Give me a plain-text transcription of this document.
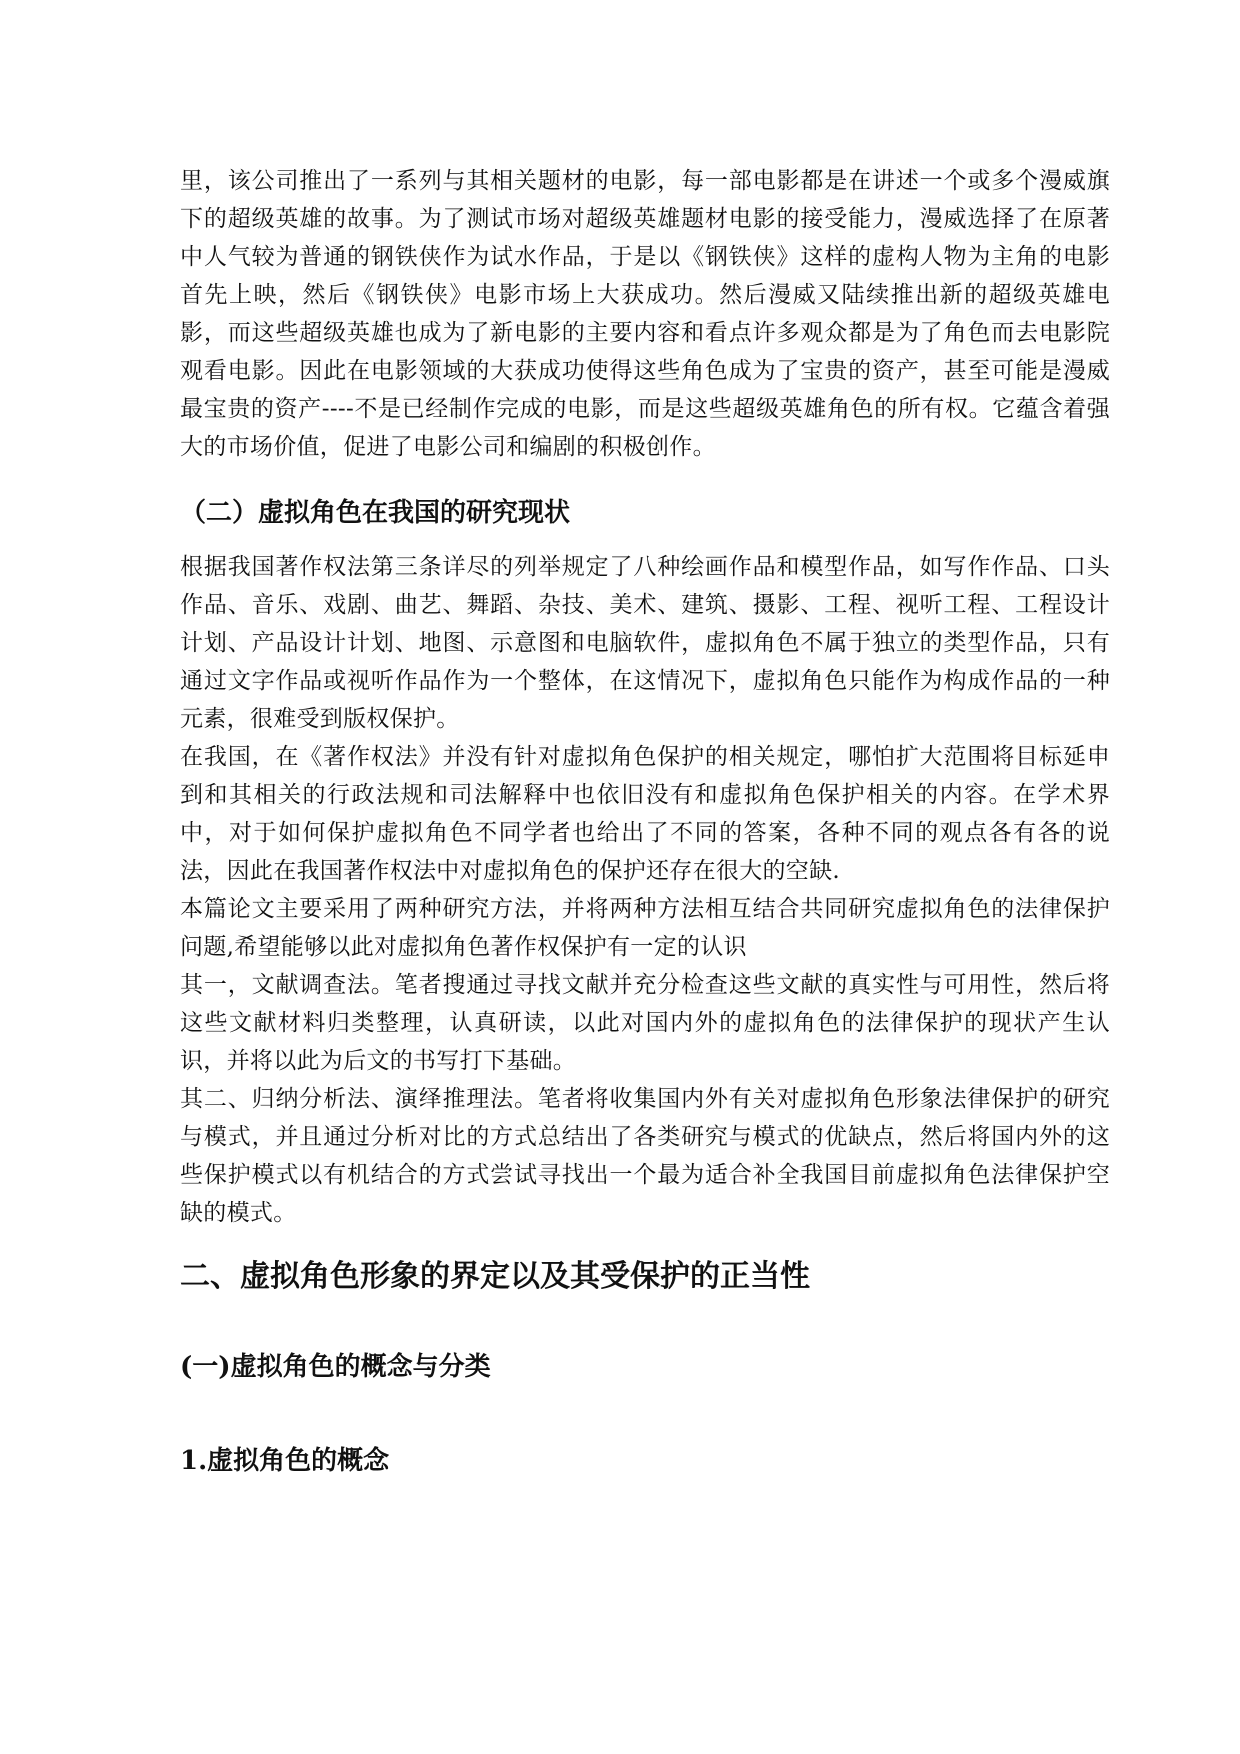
里，该公司推出了一系列与其相关题材的电影，每一部电影都是在讲述一个或多个漫威旗下的超级英雄的故事。为了测试市场对超级英雄题材电影的接受能力，漫威选择了在原著中人气较为普通的钢铁侠作为试水作品，于是以《钢铁侠》这样的虚构人物为主角的电影首先上映，然后《钢铁侠》电影市场上大获成功。然后漫威又陆续推出新的超级英雄电影，而这些超级英雄也成为了新电影的主要内容和看点许多观众都是为了角色而去电影院观看电影。因此在电影领域的大获成功使得这些角色成为了宝贵的资产，甚至可能是漫威最宝贵的资产----不是已经制作完成的电影，而是这些超级英雄角色的所有权。它蕴含着强大的市场价值，促进了电影公司和编剧的积极创作。

（二）虚拟角色在我国的研究现状

根据我国著作权法第三条详尽的列举规定了八种绘画作品和模型作品，如写作作品、口头作品、音乐、戏剧、曲艺、舞蹈、杂技、美术、建筑、摄影、工程、视听工程、工程设计计划、产品设计计划、地图、示意图和电脑软件，虚拟角色不属于独立的类型作品，只有通过文字作品或视听作品作为一个整体，在这情况下，虚拟角色只能作为构成作品的一种元素，很难受到版权保护。

在我国，在《著作权法》并没有针对虚拟角色保护的相关规定，哪怕扩大范围将目标延申到和其相关的行政法规和司法解释中也依旧没有和虚拟角色保护相关的内容。在学术界中，对于如何保护虚拟角色不同学者也给出了不同的答案，各种不同的观点各有各的说法，因此在我国著作权法中对虚拟角色的保护还存在很大的空缺.

本篇论文主要采用了两种研究方法，并将两种方法相互结合共同研究虚拟角色的法律保护问题,希望能够以此对虚拟角色著作权保护有一定的认识

其一，文献调查法。笔者搜通过寻找文献并充分检查这些文献的真实性与可用性，然后将这些文献材料归类整理，认真研读，以此对国内外的虚拟角色的法律保护的现状产生认识，并将以此为后文的书写打下基础。

其二、归纳分析法、演绎推理法。笔者将收集国内外有关对虚拟角色形象法律保护的研究与模式，并且通过分析对比的方式总结出了各类研究与模式的优缺点，然后将国内外的这些保护模式以有机结合的方式尝试寻找出一个最为适合补全我国目前虚拟角色法律保护空缺的模式。

二、虚拟角色形象的界定以及其受保护的正当性
(一)虚拟角色的概念与分类
1.虚拟角色的概念
